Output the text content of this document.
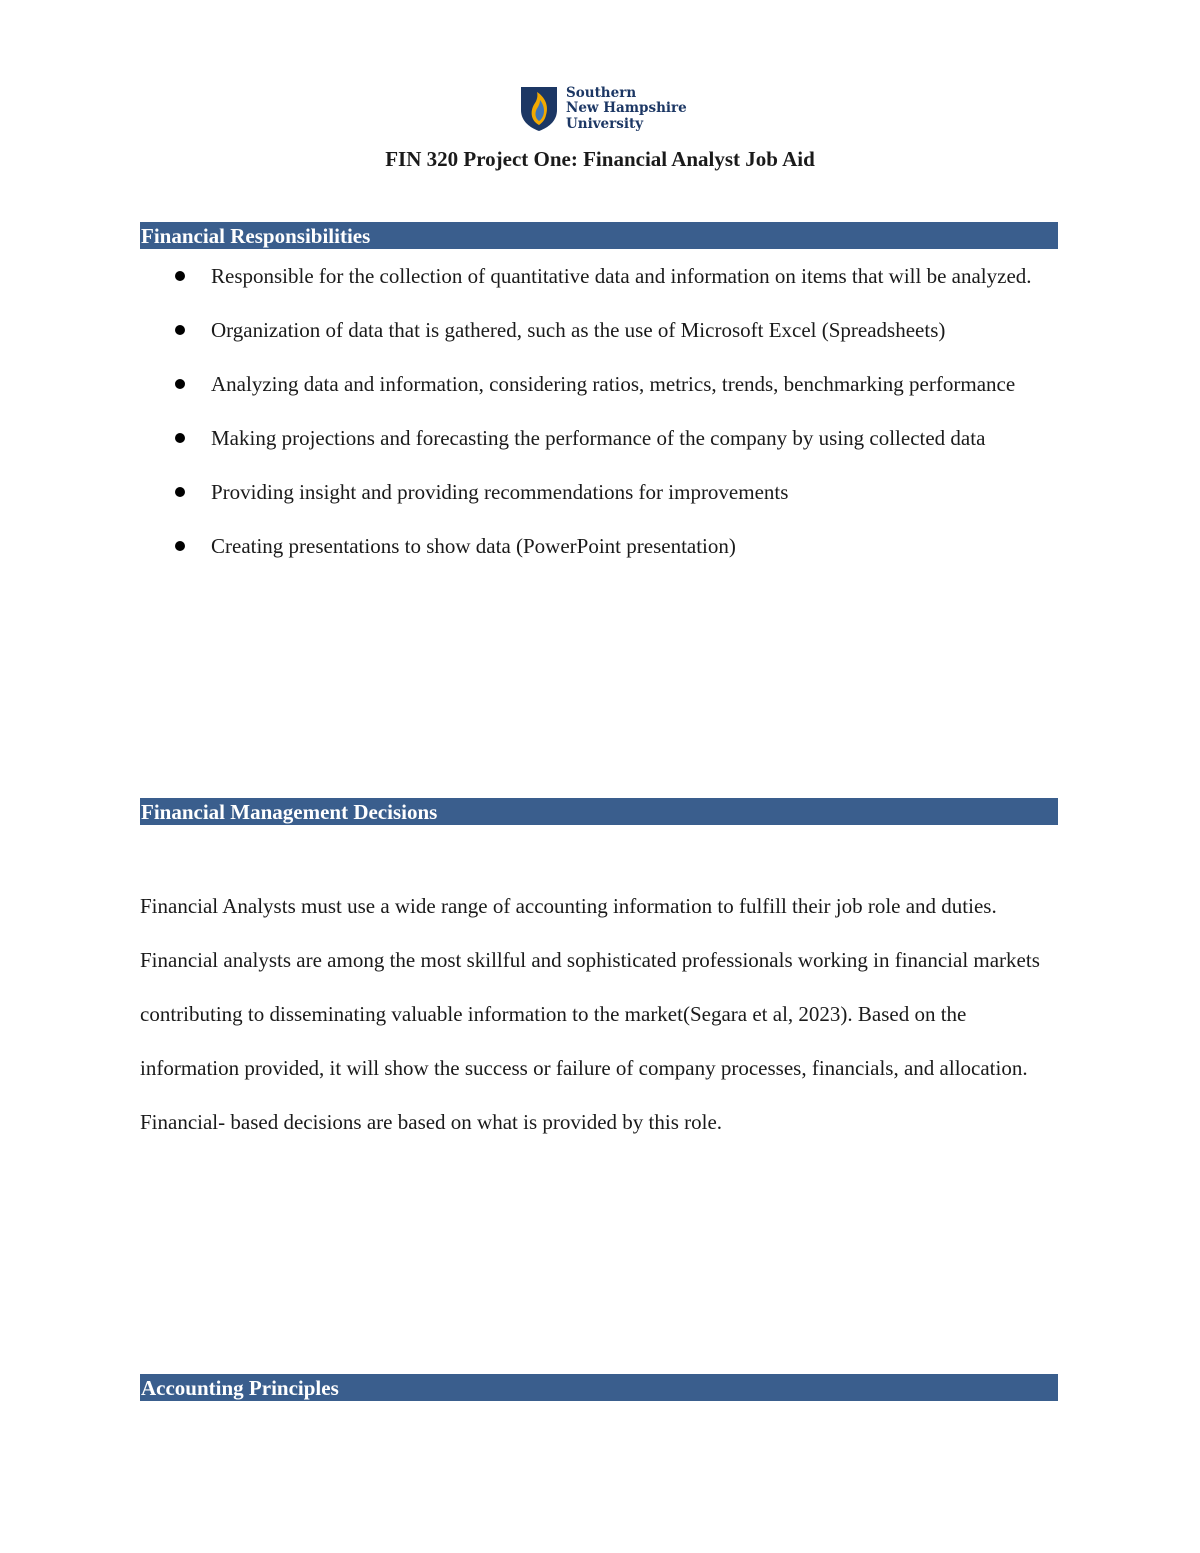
Southern
New Hampshire
University
FIN 320 Project One: Financial Analyst Job Aid
Financial Responsibilities
Responsible for the collection of quantitative data and information on items that will be analyzed.
Organization of data that is gathered, such as the use of Microsoft Excel (Spreadsheets)
Analyzing data and information, considering ratios, metrics, trends, benchmarking performance
Making projections and forecasting the performance of the company by using collected data
Providing insight and providing recommendations for improvements
Creating presentations to show data (PowerPoint presentation)
Financial Management Decisions

Financial Analysts must use a wide range of accounting information to fulfill their job role and duties. Financial analysts are among the most skillful and sophisticated professionals working in financial markets contributing to disseminating valuable information to the market(Segara et al, 2023). Based on the information provided, it will show the success or failure of company processes, financials, and allocation. Financial- based decisions are based on what is provided by this role.

Accounting Principles
